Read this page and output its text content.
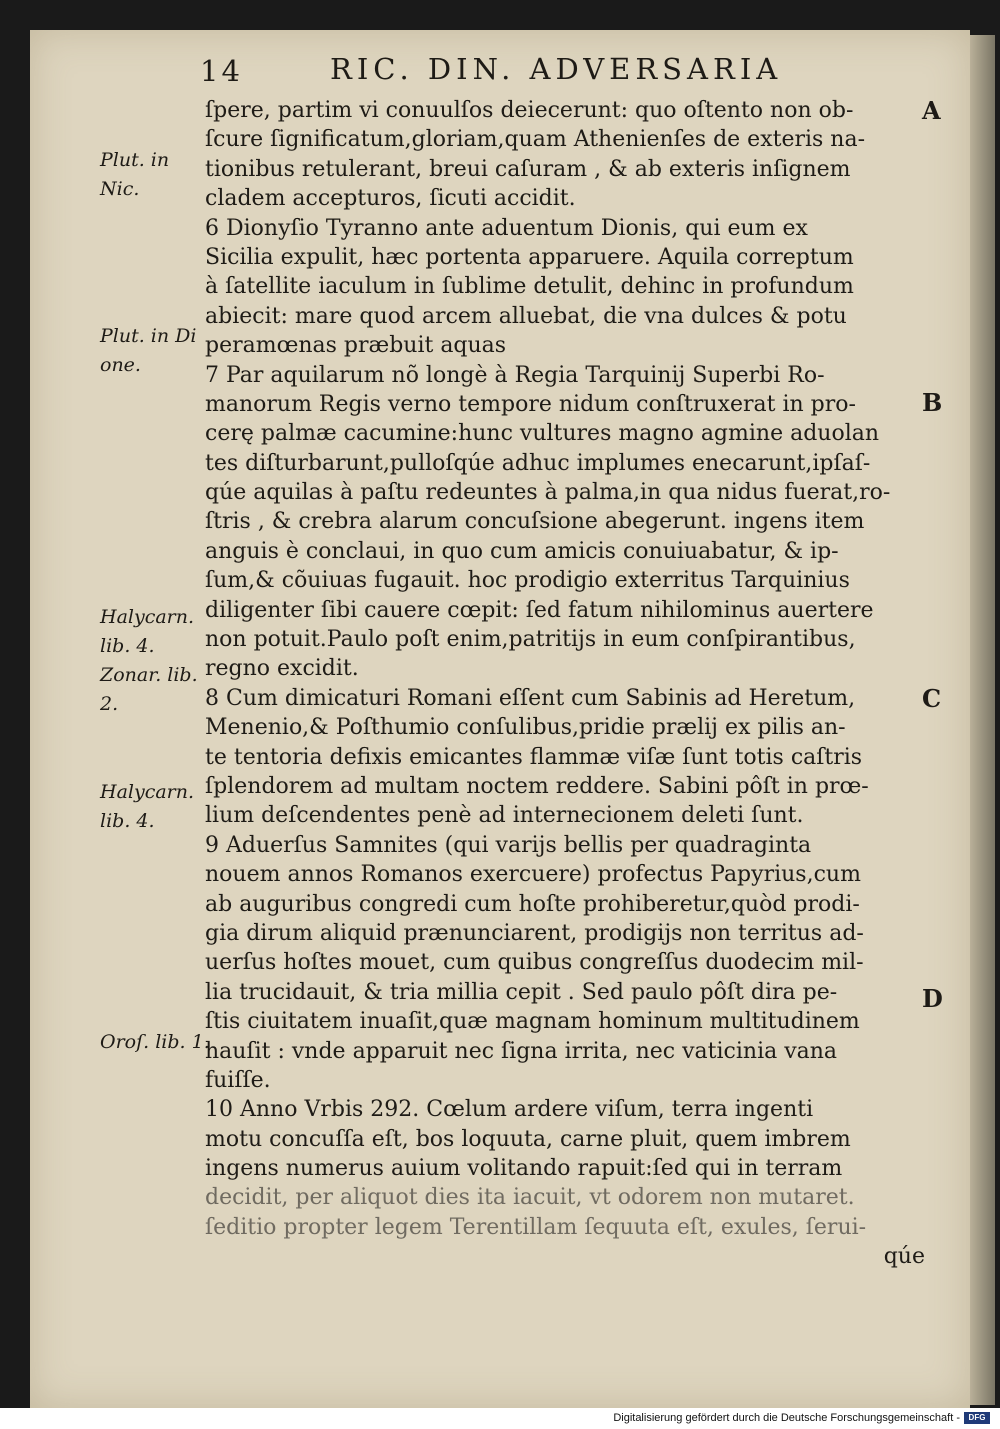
14	RIC. DIN. ADVERSARIA
ſpere, partim vi conuulſos deiecerunt: quo oſtento non ob-
ſcure ſignificatum,gloriam,quam Athenienſes de exteris na-
tionibus retulerant, breui caſuram , & ab exteris inſignem
cladem accepturos, ſicuti accidit.
6 Dionyſio Tyranno ante aduentum Dionis, qui eum ex
Sicilia expulit, hæc portenta apparuere. Aquila correptum
à ſatellite iaculum in ſublime detulit, dehinc in profundum
abiecit: mare quod arcem alluebat, die vna dulces & potu
peramœnas præbuit aquas
7 Par aquilarum nõ longè à Regia Tarquinij Superbi Ro-
manorum Regis verno tempore nidum conſtruxerat in pro-
cerę palmæ cacumine:hunc vultures magno agmine aduolan
tes diſturbarunt,pulloſqúe adhuc implumes enecarunt,ipſaſ-
qúe aquilas à paſtu redeuntes à palma,in qua nidus fuerat,ro-
ſtris , & crebra alarum concuſsione abegerunt. ingens item
anguis è conclaui, in quo cum amicis conuiuabatur, & ip-
ſum,& cõuiuas fugauit. hoc prodigio exterritus Tarquinius
diligenter ſibi cauere cœpit: ſed fatum nihilominus auertere
non potuit.Paulo poſt enim,patritijs in eum conſpirantibus,
regno excidit.
8 Cum dimicaturi Romani eſſent cum Sabinis ad Heretum,
Menenio,& Poſthumio conſulibus,pridie prælij ex pilis an-
te tentoria defixis emicantes flammæ viſæ ſunt totis caſtris
ſplendorem ad multam noctem reddere. Sabini pôſt in prœ-
lium deſcendentes penè ad internecionem deleti ſunt.
9 Aduerſus Samnites (qui varijs bellis per quadraginta
nouem annos Romanos exercuere) profectus Papyrius,cum
ab auguribus congredi cum hoſte prohiberetur,quòd prodi-
gia dirum aliquid prænunciarent, prodigijs non territus ad-
uerſus hoſtes mouet, cum quibus congreſſus duodecim mil-
lia trucidauit, & tria millia cepit . Sed paulo pôſt dira pe-
ſtis ciuitatem inuaſit,quæ magnam hominum multitudinem
hauſit : vnde apparuit nec ſigna irrita, nec vaticinia vana
fuiſſe.
10 Anno Vrbis 292. Cœlum ardere viſum, terra ingenti
motu concuſſa eſt, bos loquuta, carne pluit, quem imbrem
ingens numerus auium volitando rapuit:ſed qui in terram
decidit, per aliquot dies ita iacuit, vt odorem non mutaret.
ſeditio propter legem Terentillam ſequuta eſt, exules, ſerui-
qúe
Plut. in
Nic.
Plut. in Di
one.
Halycarn.
lib. 4.
Zonar. lib.
2.
Halycarn.
lib. 4.
Oroſ. lib. 1.
A
B
C
D
Digitalisierung gefördert durch die Deutsche Forschungsgemeinschaft -	DFG
